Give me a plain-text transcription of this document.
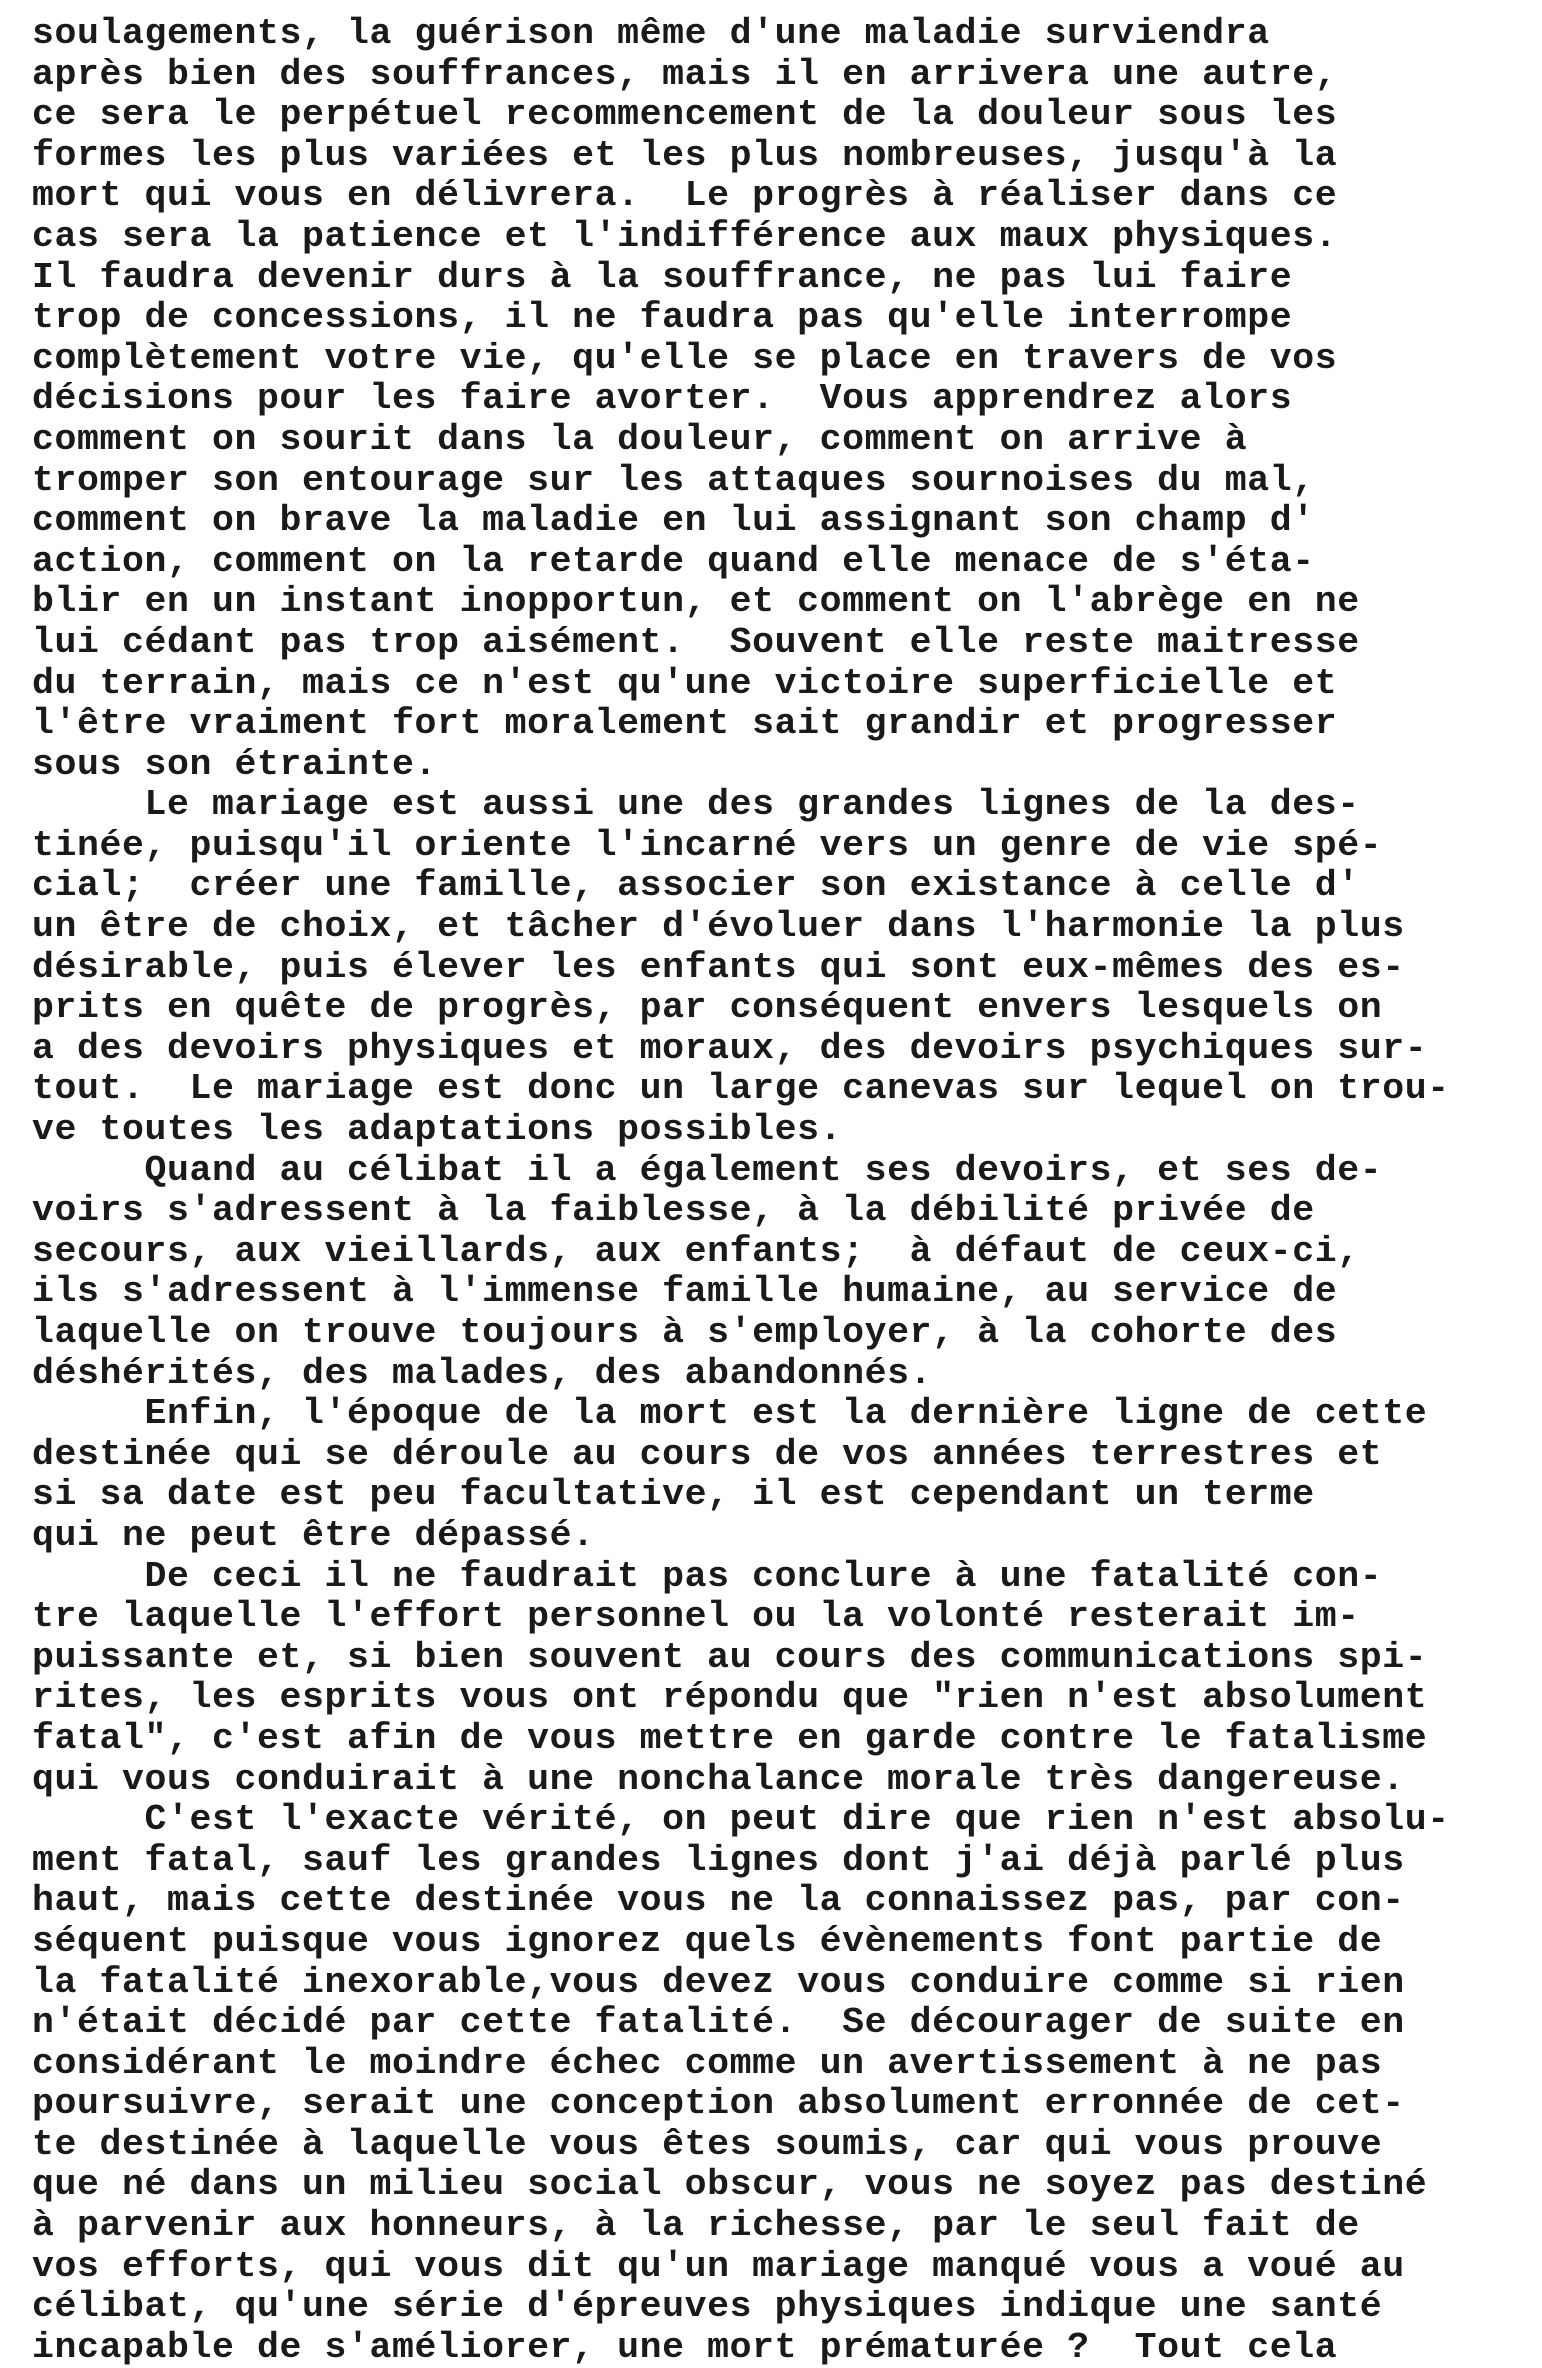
soulagements, la guérison même d'une maladie surviendra
après bien des souffrances, mais il en arrivera une autre,
ce sera le perpétuel recommencement de la douleur sous les
formes les plus variées et les plus nombreuses, jusqu'à la
mort qui vous en délivrera.  Le progrès à réaliser dans ce
cas sera la patience et l'indifférence aux maux physiques.
Il faudra devenir durs à la souffrance, ne pas lui faire
trop de concessions, il ne faudra pas qu'elle interrompe
complètement votre vie, qu'elle se place en travers de vos
décisions pour les faire avorter.  Vous apprendrez alors
comment on sourit dans la douleur, comment on arrive à
tromper son entourage sur les attaques sournoises du mal,
comment on brave la maladie en lui assignant son champ d'
action, comment on la retarde quand elle menace de s'éta-
blir en un instant inopportun, et comment on l'abrège en ne
lui cédant pas trop aisément.  Souvent elle reste maitresse
du terrain, mais ce n'est qu'une victoire superficielle et
l'être vraiment fort moralement sait grandir et progresser
sous son étrainte.
Le mariage est aussi une des grandes lignes de la des-
tinée, puisqu'il oriente l'incarné vers un genre de vie spé-
cial;  créer une famille, associer son existance à celle d'
un être de choix, et tâcher d'évoluer dans l'harmonie la plus
désirable, puis élever les enfants qui sont eux-mêmes des es-
prits en quête de progrès, par conséquent envers lesquels on
a des devoirs physiques et moraux, des devoirs psychiques sur-
tout.  Le mariage est donc un large canevas sur lequel on trou-
ve toutes les adaptations possibles.
Quand au célibat il a également ses devoirs, et ses de-
voirs s'adressent à la faiblesse, à la débilité privée de
secours, aux vieillards, aux enfants;  à défaut de ceux-ci,
ils s'adressent à l'immense famille humaine, au service de
laquelle on trouve toujours à s'employer, à la cohorte des
déshérités, des malades, des abandonnés.
Enfin, l'époque de la mort est la dernière ligne de cette
destinée qui se déroule au cours de vos années terrestres et
si sa date est peu facultative, il est cependant un terme
qui ne peut être dépassé.
De ceci il ne faudrait pas conclure à une fatalité con-
tre laquelle l'effort personnel ou la volonté resterait im-
puissante et, si bien souvent au cours des communications spi-
rites, les esprits vous ont répondu que "rien n'est absolument
fatal", c'est afin de vous mettre en garde contre le fatalisme
qui vous conduirait à une nonchalance morale très dangereuse.
C'est l'exacte vérité, on peut dire que rien n'est absolu-
ment fatal, sauf les grandes lignes dont j'ai déjà parlé plus
haut, mais cette destinée vous ne la connaissez pas, par con-
séquent puisque vous ignorez quels évènements font partie de
la fatalité inexorable,vous devez vous conduire comme si rien
n'était décidé par cette fatalité.  Se décourager de suite en
considérant le moindre échec comme un avertissement à ne pas
poursuivre, serait une conception absolument erronnée de cet-
te destinée à laquelle vous êtes soumis, car qui vous prouve
que né dans un milieu social obscur, vous ne soyez pas destiné
à parvenir aux honneurs, à la richesse, par le seul fait de
vos efforts, qui vous dit qu'un mariage manqué vous a voué au
célibat, qu'une série d'épreuves physiques indique une santé
incapable de s'améliorer, une mort prématurée ?  Tout cela
